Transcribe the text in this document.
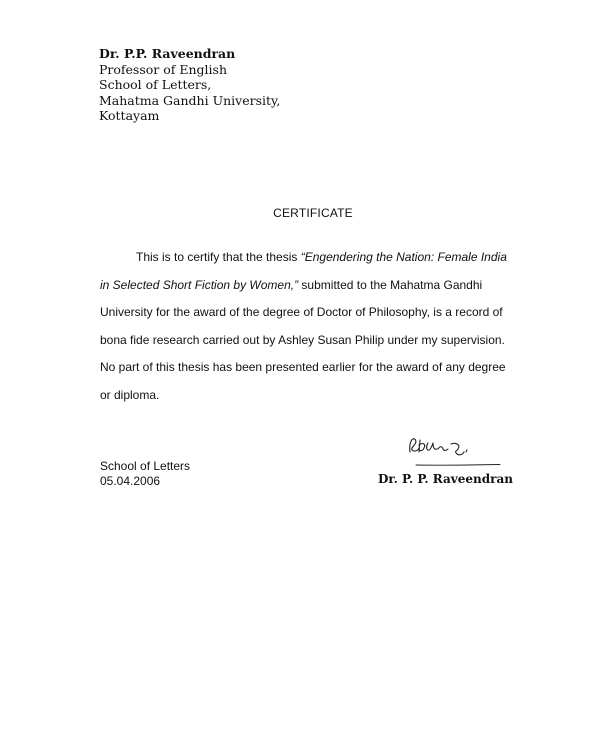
Dr. P.P. Raveendran
Professor of English
School of Letters,
Mahatma Gandhi University,
Kottayam
CERTIFICATE
This is to certify that the thesis “Engendering the Nation: Female India in Selected Short Fiction by Women,” submitted to the Mahatma Gandhi University for the award of the degree of Doctor of Philosophy, is a record of bona fide research carried out by Ashley Susan Philip under my supervision. No part of this thesis has been presented earlier for the award of any degree or diploma.
School of Letters
05.04.2006	Dr. P. P. Raveendran
